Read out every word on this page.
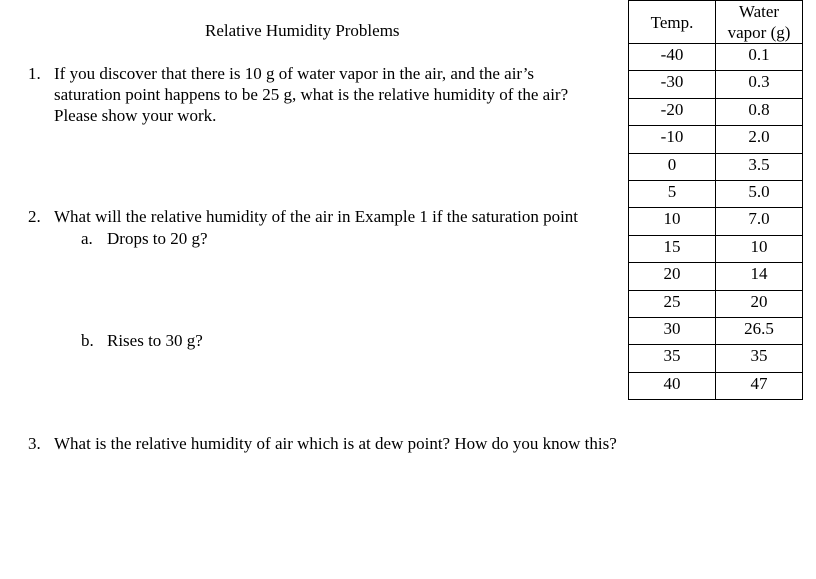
Relative Humidity Problems
1. If you discover that there is 10 g of water vapor in the air, and the air’s
saturation point happens to be 25 g, what is the relative humidity of the air?
Please show your work.
2. What will the relative humidity of the air in Example 1 if the saturation point
a. Drops to 20 g?
b. Rises to 30 g?
3. What is the relative humidity of air which is at dew point? How do you know this?
Temp.	Water
vapor (g)

-40	0.1
-30	0.3
-20	0.8
-10	2.0
0	3.5
5	5.0
10	7.0
15	10
20	14
25	20
30	26.5
35	35
40	47
